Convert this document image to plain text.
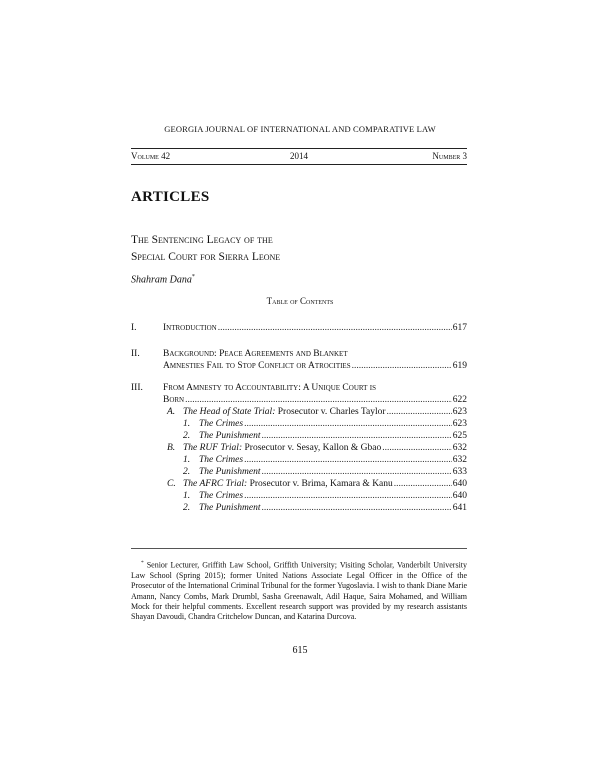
GEORGIA JOURNAL OF INTERNATIONAL AND COMPARATIVE LAW
Volume 42	2014	Number 3
ARTICLES
The Sentencing Legacy of the
Special Court for Sierra Leone
Shahram Dana*
Table of Contents
I.	Introduction .....	617
II. Background: Peace Agreements and Blanket
Amnesties Fail to Stop Conflict or Atrocities .....	619
III. From Amnesty to Accountability: A Unique Court is
Born .....	622
A. The Head of State Trial: Prosecutor v. Charles Taylor .....	623
1. The Crimes .....	623
2. The Punishment .....	625
B. The RUF Trial: Prosecutor v. Sesay, Kallon & Gbao .....	632
1. The Crimes .....	632
2. The Punishment .....	633
C. The AFRC Trial: Prosecutor v. Brima, Kamara & Kanu .....	640
1. The Crimes .....	640
2. The Punishment .....	641
* Senior Lecturer, Griffith Law School, Griffith University; Visiting Scholar, Vanderbilt University Law School (Spring 2015); former United Nations Associate Legal Officer in the Office of the Prosecutor of the International Criminal Tribunal for the former Yugoslavia. I wish to thank Diane Marie Amann, Nancy Combs, Mark Drumbl, Sasha Greenawalt, Adil Haque, Saira Mohamed, and William Mock for their helpful comments. Excellent research support was provided by my research assistants Shayan Davoudi, Chandra Critchelow Duncan, and Katarina Durcova.
615
